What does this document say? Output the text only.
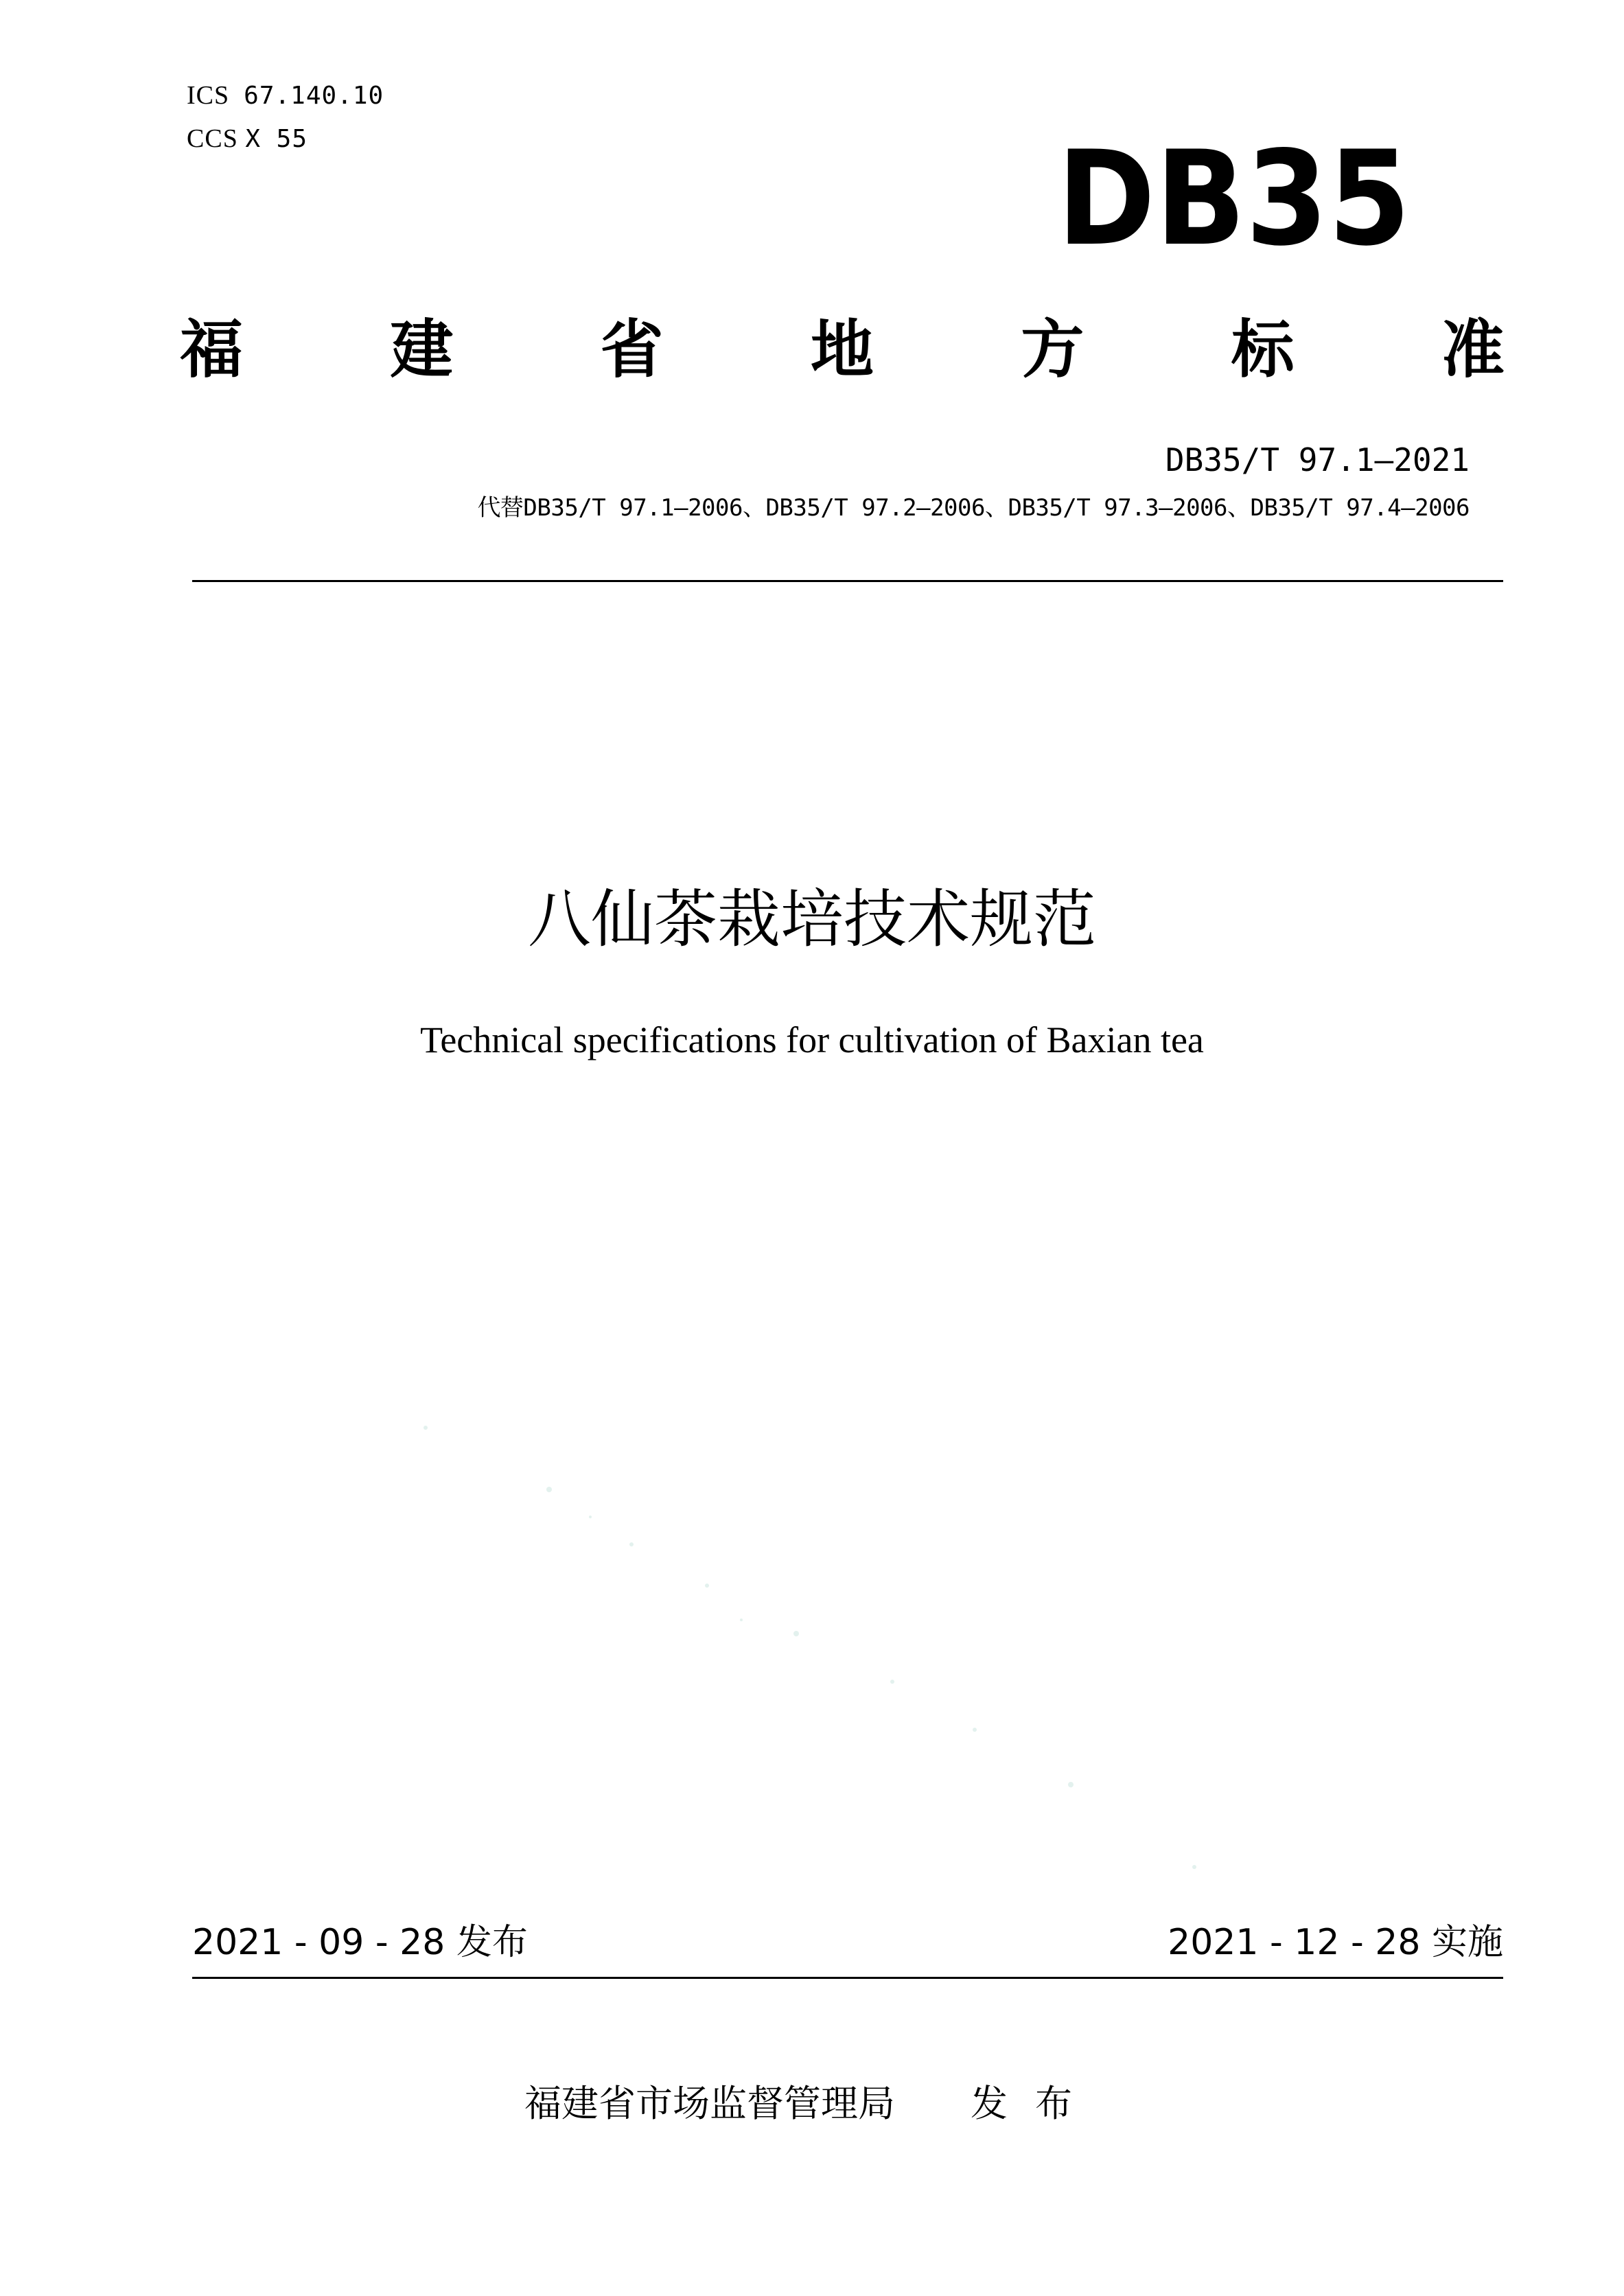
ICS 67.140.10
CCS X 55	DB35
福 建 省 地 方 标 准
DB35/T 97.1—2021
代替DB35/T 97.1—2006、DB35/T 97.2—2006、DB35/T 97.3—2006、DB35/T 97.4—2006
八仙茶栽培技术规范
Technical specifications for cultivation of Baxian tea
2021 - 09 - 28 发布	2021 - 12 - 28 实施
福建省市场监督管理局 发布
